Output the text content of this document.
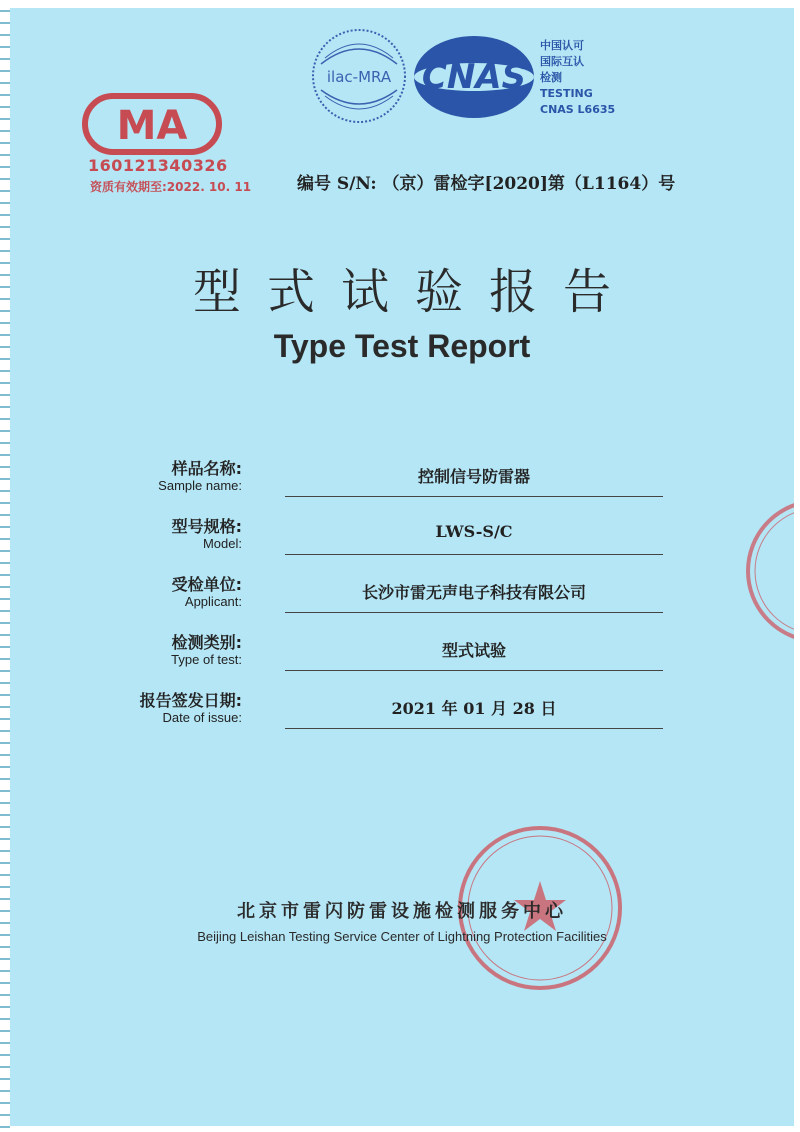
MA
160121340326
资质有效期至:2022. 10. 11
ilac-MRA CNAS
中国认可
国际互认
检测
TESTING
CNAS L6635
编号 S/N: （京）雷检字[2020]第（L1164）号
型式试验报告
Type Test Report
样品名称:
Sample name:	控制信号防雷器
型号规格:
Model:
LWS-S/C
受检单位:
Applicant:	长沙市雷无声电子科技有限公司
检测类别:
Type of test:	型式试验
报告签发日期:
Date of issue:	2021 年 01 月 28 日
北京市雷闪防雷设施检测服务中心
Beijing Leishan Testing Service Center of Lightning Protection Facilities
